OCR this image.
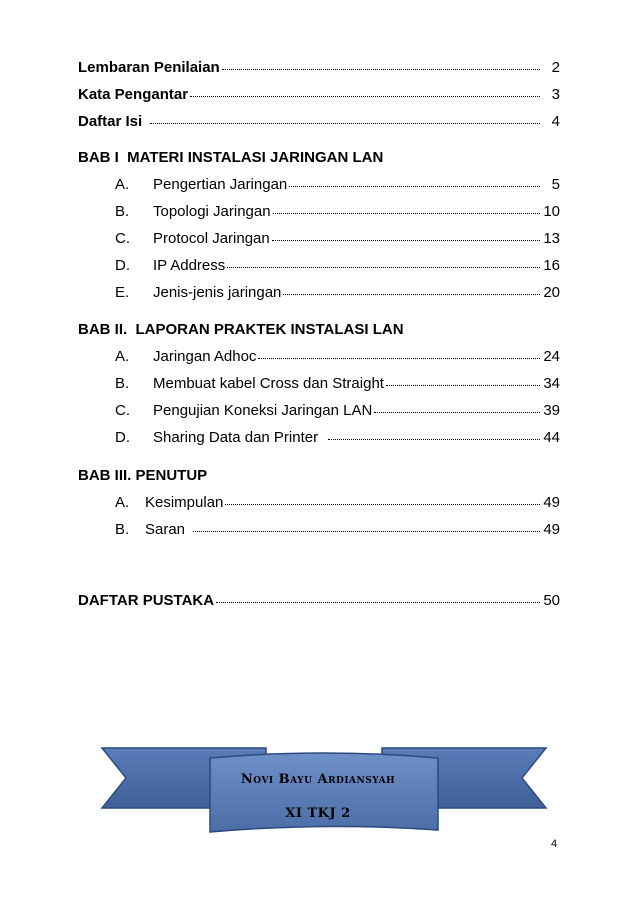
Lembaran Penilaian	2
Kata Pengantar	3
Daftar Isi	4
BAB I  MATERI INSTALASI JARINGAN LAN
A.	Pengertian Jaringan	5
B.	Topologi Jaringan	10
C.	Protocol Jaringan	13
D.	IP Address	16
E.	Jenis-jenis jaringan	20
BAB II.  LAPORAN PRAKTEK INSTALASI LAN
A.	Jaringan Adhoc	24
B.	Membuat kabel Cross dan Straight	34
C.	Pengujian Koneksi Jaringan LAN	39
D.	Sharing Data dan Printer	44
BAB III. PENUTUP
A.	Kesimpulan	49
B.	Saran	49
DAFTAR PUSTAKA	50
Novi Bayu Ardiansyah
XI TKJ 2
4
